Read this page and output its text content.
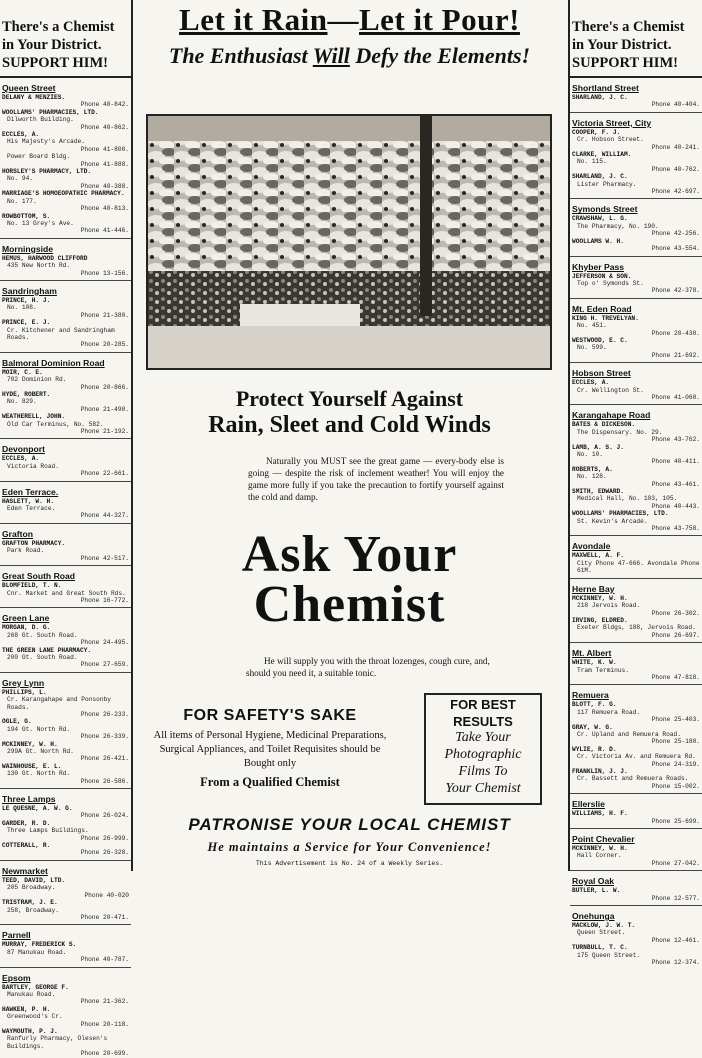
There's a Chemist in Your District. SUPPORT HIM!
Queen Street
DELANY & MENZIES.
Phone 40-842.
WOOLLAMS' PHARMACIES, LTD.
Dilworth Building.
Phone 40-862.
ECCLES, A.
His Majesty's Arcade.
Phone 41-800.
Power Board Bldg.
Phone 41-888.
HORSLEY'S PHARMACY, LTD.
No. 94.
Phone 40-388.
MARRIAGE'S HOMOEOPATHIC PHARMACY.
No. 177.
Phone 40-813.
ROWBOTTOM, S.
No. 13 Grey's Ave.
Phone 41-446.
Morningside
HEMUS, HARWOOD CLIFFORD
435 New North Rd.
Phone 13-156.
Sandringham
PRINCE, H. J.
No. 108.
Phone 21-380.
PRINCE, E. J.
Cr. Kitchener and Sandringham Roads.
Phone 20-285.
Balmoral Dominion Road
MOIR, C. E.
702 Dominion Rd.
Phone 20-866.
HYDE, ROBERT.
No. 829.
Phone 21-490.
WEATHERELL, JOHN.
Old Car Terminus, No. 582.
Phone 21-192.
Devonport
ECCLES, A.
Victoria Road.
Phone 22-661.
Eden Terrace.
HASLETT, W. H.
Eden Terrace.
Phone 44-327.
Grafton
GRAFTON PHARMACY.
Park Road.
Phone 42-517.
Great South Road
BLOMFIELD, T. N.
Cnr. Market and Great South Rds.
Phone 16-772.
Green Lane
MORGAN, D. G.
268 Gt. South Road.
Phone 24-495.
THE GREEN LANE PHARMACY.
200 Gt. South Road.
Phone 27-659.
Grey Lynn
PHILLIPS, L.
Cr. Karangahape and Ponsonby Roads.
Phone 26-233.
OGLE, G.
194 Gt. North Rd.
Phone 26-339.
MCKINNEY, W. H.
299A Gt. North Rd.
Phone 26-421.
WAINHOUSE, E. L.
130 Gt. North Rd.
Phone 26-586.
Three Lamps
LE QUESNE, A. W. G.
Phone 26-024.
GARDER, R. D.
Three Lamps Buildings.
Phone 26-999.
COTTERALL, R.
Phone 26-328.
Newmarket
TEED, DAVID, LTD.
205 Broadway.
Phone 40-020
TRISTRAM, J. E.
258, Broadway.
Phone 20-471.
Parnell
MURRAY, FREDERICK S.
87 Manukau Road.
Phone 40-787.
Epsom
BARTLEY, GEORGE F.
Manukau Road.
Phone 21-362.
HAWKEN, P. H.
Greenwood's Cr.
Phone 20-118.
WAYMOUTH, P. J.
Ranfurly Pharmacy, Olesen's Buildings.
Phone 20-699.
Let it Rain—Let it Pour!
The Enthusiast Will Defy the Elements!
Protect Yourself Against
Rain, Sleet and Cold Winds
Naturally you MUST see the great game — every-body else is going — despite the risk of inclement weather! You will enjoy the game more fully if you take the precaution to fortify yourself against the cold and damp.
Ask Your
Chemist
He will supply you with the throat lozenges, cough cure, and, should you need it, a suitable tonic.
FOR SAFETY'S SAKE
All items of Personal Hygiene, Medicinal Preparations, Surgical Appliances, and Toilet Requisites should be Bought only
From a Qualified Chemist
FOR BEST
RESULTS
Take Your
Photographic
Films To
Your Chemist
PATRONISE YOUR LOCAL CHEMIST
He maintains a Service for Your Convenience!
This Advertisement is No. 24 of a Weekly Series.
There's a Chemist in Your District. SUPPORT HIM!
Shortland Street
SHARLAND, J. C.
Phone 40-404.
Victoria Street, City
COOPER, F. J.
Cr. Hobson Street.
Phone 40-241.
CLARKE, WILLIAM.
No. 115.
Phone 40-762.
SHARLAND, J. C.
Lister Pharmacy.
Phone 42-697.
Symonds Street
CRAWSHAW, L. G.
The Pharmacy, No. 190.
Phone 42-256.
WOOLLAMS W. H.
Phone 43-554.
Khyber Pass
JEFFERSON & SON.
Top o' Symonds St.
Phone 42-378.
Mt. Eden Road
KING H. TREVELYAN.
No. 451.
Phone 20-430.
WESTWOOD, E. C.
No. 599.
Phone 21-692.
Hobson Street
ECCLES, A.
Cr. Wellington St.
Phone 41-060.
Karangahape Road
BATES & DICKESON.
The Dispensary. No. 29.
Phone 43-762.
LAMB, A. S. J.
No. 10.
Phone 40-411.
ROBERTS, A.
No. 128.
Phone 43-461.
SMITH, EDWARD.
Medical Hall, No. 103, 105.
Phone 40-443.
WOOLLAMS' PHARMACIES, LTD.
St. Kevin's Arcade.
Phone 43-758.
Avondale
MAXWELL, A. F.
City Phone 47-666. Avondale Phone 61M.
Herne Bay
MCKINNEY, W. H.
218 Jervois Road.
Phone 26-302.
IRVING, ELDRED.
Exeter Bldgs, 188, Jervois Road.
Phone 26-697.
Mt. Albert
WHITE, K. W.
Tram Terminus.
Phone 47-818.
Remuera
BLOTT, F. G.
117 Remuera Road.
Phone 25-403.
GRAY, W. G.
Cr. Upland and Remuera Road.
Phone 25-180.
WYLIE, R. D.
Cr. Victoria Av. and Remuera Rd.
Phone 24-319.
FRANKLIN, J. J.
Cr. Bassett and Remuera Roads.
Phone 15-002.
Ellerslie
WILLIAMS, H. F.
Phone 25-699.
Point Chevalier
MCKINNEY, W. H.
Hall Corner.
Phone 27-042.
Royal Oak
BUTLER, L. W.
Phone 12-577.
Onehunga
MACKLOW, J. W. T.
Queen Street.
Phone 12-461.
TURNBULL, T. C.
175 Queen Street.
Phone 12-374.
